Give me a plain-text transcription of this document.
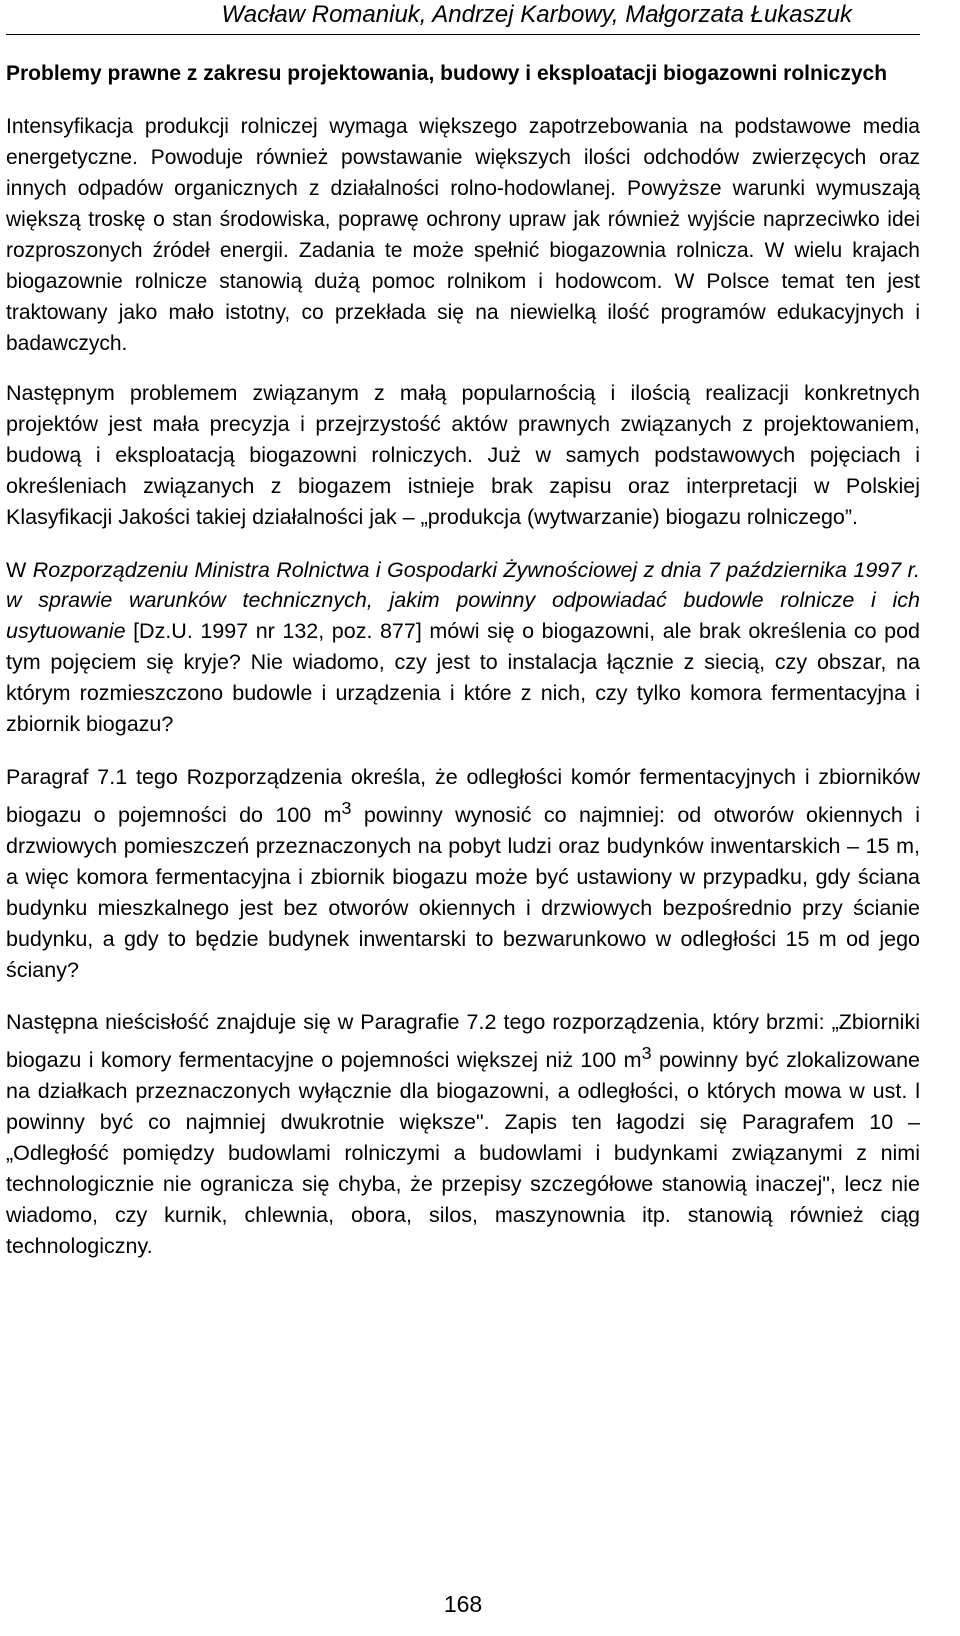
Wacław Romaniuk, Andrzej Karbowy, Małgorzata Łukaszuk
Problemy prawne z zakresu projektowania, budowy i eksploatacji biogazowni rolniczych

Intensyfikacja produkcji rolniczej wymaga większego zapotrzebowania na podstawowe media energetyczne. Powoduje również powstawanie większych ilości odchodów zwierzęcych oraz innych odpadów organicznych z działalności rolno-hodowlanej. Powyższe warunki wymuszają większą troskę o stan środowiska, poprawę ochrony upraw jak również wyjście naprzeciwko idei rozproszonych źródeł energii. Zadania te może spełnić biogazownia rolnicza. W wielu krajach biogazownie rolnicze stanowią dużą pomoc rolnikom i hodowcom. W Polsce temat ten jest traktowany jako mało istotny, co przekłada się na niewielką ilość programów edukacyjnych i badawczych.

Następnym problemem związanym z małą popularnością i ilością realizacji konkretnych projektów jest mała precyzja i przejrzystość aktów prawnych związanych z projektowaniem, budową i eksploatacją biogazowni rolniczych. Już w samych podstawowych pojęciach i określeniach związanych z biogazem istnieje brak zapisu oraz interpretacji w Polskiej Klasyfikacji Jakości takiej działalności jak – „produkcja (wytwarzanie) biogazu rolniczego”.

W Rozporządzeniu Ministra Rolnictwa i Gospodarki Żywnościowej z dnia 7 października 1997 r. w sprawie warunków technicznych, jakim powinny odpowiadać budowle rolnicze i ich usytuowanie [Dz.U. 1997 nr 132, poz. 877] mówi się o biogazowni, ale brak określenia co pod tym pojęciem się kryje? Nie wiadomo, czy jest to instalacja łącznie z siecią, czy obszar, na którym rozmieszczono budowle i urządzenia i które z nich, czy tylko komora fermentacyjna i zbiornik biogazu?

Paragraf 7.1 tego Rozporządzenia określa, że odległości komór fermentacyjnych i zbiorników biogazu o pojemności do 100 $m^3$ powinny wynosić co najmniej: od otworów okiennych i drzwiowych pomieszczeń przeznaczonych na pobyt ludzi oraz budynków inwentarskich – 15 m, a więc komora fermentacyjna i zbiornik biogazu może być ustawiony w przypadku, gdy ściana budynku mieszkalnego jest bez otworów okiennych i drzwiowych bezpośrednio przy ścianie budynku, a gdy to będzie budynek inwentarski to bezwarunkowo w odległości 15 m od jego ściany?

Następna nieścisłość znajduje się w Paragrafie 7.2 tego rozporządzenia, który brzmi: „Zbiorniki biogazu i komory fermentacyjne o pojemności większej niż 100 $m^3$ powinny być zlokalizowane na działkach przeznaczonych wyłącznie dla biogazowni, a odległości, o których mowa w ust. l powinny być co najmniej dwukrotnie większe". Zapis ten łagodzi się Paragrafem 10 – „Odległość pomiędzy budowlami rolniczymi a budowlami i budynkami związanymi z nimi technologicznie nie ogranicza się chyba, że przepisy szczegółowe stanowią inaczej", lecz nie wiadomo, czy kurnik, chlewnia, obora, silos, maszynownia itp. stanowią również ciąg technologiczny.

168
